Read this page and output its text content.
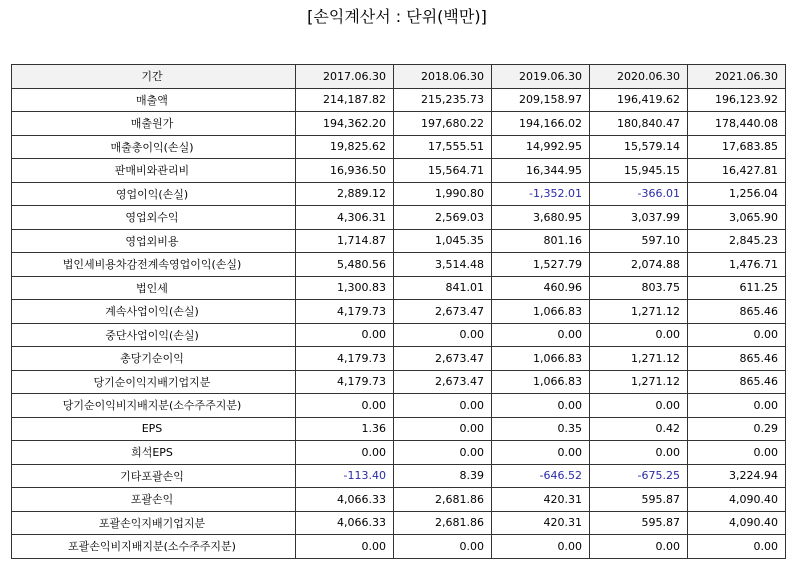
[손익계산서 : 단위(백만)]
기간	2017.06.30	2018.06.30	2019.06.30	2020.06.30	2021.06.30
매출액	214,187.82	215,235.73	209,158.97	196,419.62	196,123.92
매출원가	194,362.20	197,680.22	194,166.02	180,840.47	178,440.08
매출총이익(손실)	19,825.62	17,555.51	14,992.95	15,579.14	17,683.85
판매비와관리비	16,936.50	15,564.71	16,344.95	15,945.15	16,427.81
영업이익(손실)	2,889.12	1,990.80	-1,352.01	-366.01	1,256.04
영업외수익	4,306.31	2,569.03	3,680.95	3,037.99	3,065.90
영업외비용	1,714.87	1,045.35	801.16	597.10	2,845.23
법인세비용차감전계속영업이익(손실)	5,480.56	3,514.48	1,527.79	2,074.88	1,476.71
법인세	1,300.83	841.01	460.96	803.75	611.25
계속사업이익(손실)	4,179.73	2,673.47	1,066.83	1,271.12	865.46
중단사업이익(손실)	0.00	0.00	0.00	0.00	0.00
총당기순이익	4,179.73	2,673.47	1,066.83	1,271.12	865.46
당기순이익지배기업지분	4,179.73	2,673.47	1,066.83	1,271.12	865.46
당기순이익비지배지분(소수주주지분)	0.00	0.00	0.00	0.00	0.00
EPS	1.36	0.00	0.35	0.42	0.29
희석EPS	0.00	0.00	0.00	0.00	0.00
기타포괄손익	-113.40	8.39	-646.52	-675.25	3,224.94
포괄손익	4,066.33	2,681.86	420.31	595.87	4,090.40
포괄손익지배기업지분	4,066.33	2,681.86	420.31	595.87	4,090.40
포괄손익비지배지분(소수주주지분)	0.00	0.00	0.00	0.00	0.00
